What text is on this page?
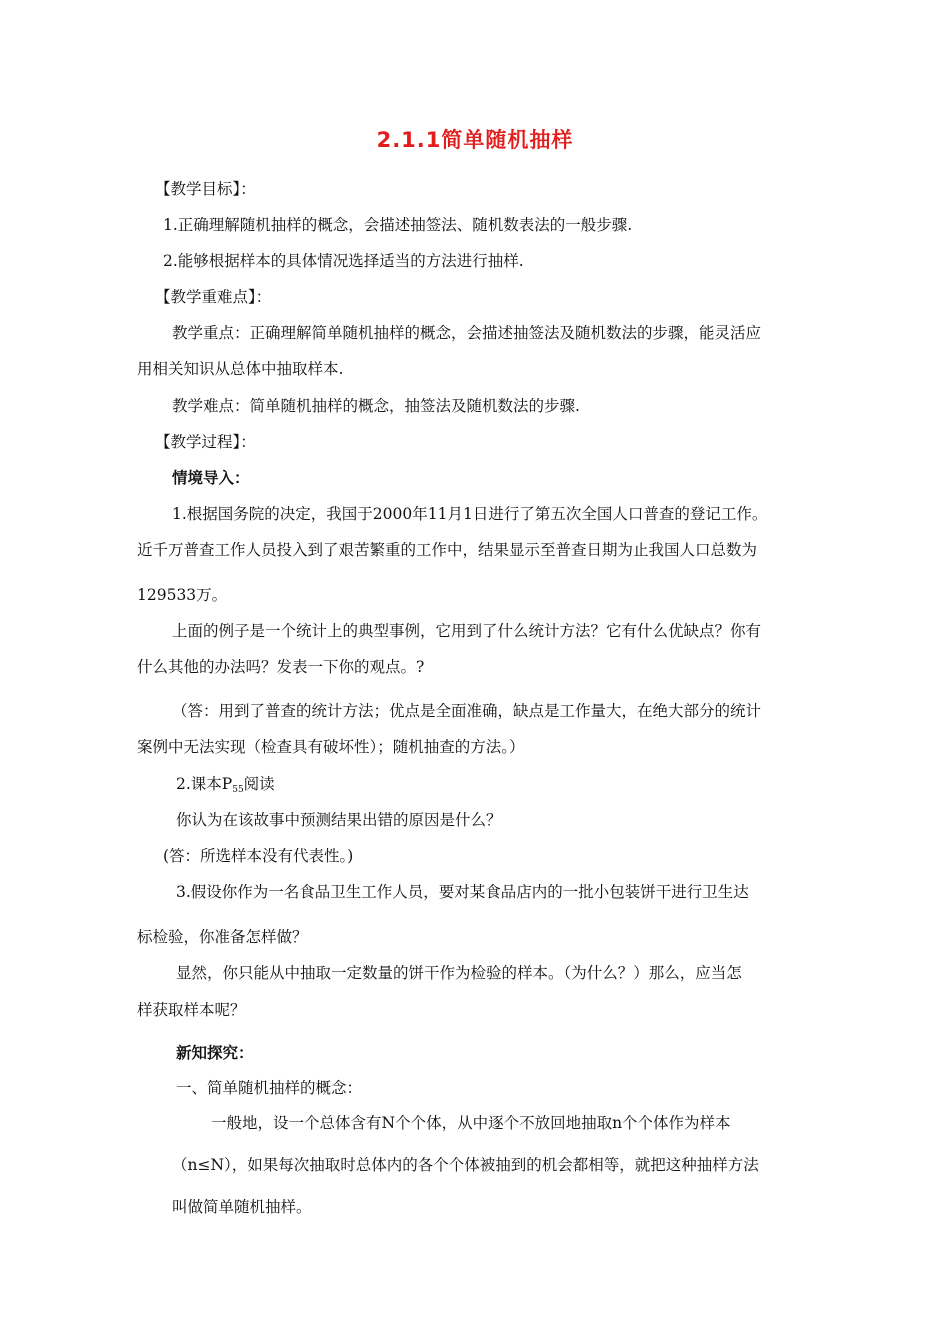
2.1.1简单随机抽样
【教学目标】：
1.正确理解随机抽样的概念，会描述抽签法、随机数表法的一般步骤.
2.能够根据样本的具体情况选择适当的方法进行抽样.
【教学重难点】：
教学重点：正确理解简单随机抽样的概念，会描述抽签法及随机数法的步骤，能灵活应
用相关知识从总体中抽取样本.
教学难点：简单随机抽样的概念，抽签法及随机数法的步骤.
【教学过程】：
情境导入：
1.根据国务院的决定，我国于2000年11月1日进行了第五次全国人口普查的登记工作。
近千万普查工作人员投入到了艰苦繁重的工作中，结果显示至普查日期为止我国人口总数为
129533万。
上面的例子是一个统计上的典型事例，它用到了什么统计方法？它有什么优缺点？你有
什么其他的办法吗？发表一下你的观点。?
（答：用到了普查的统计方法；优点是全面准确，缺点是工作量大，在绝大部分的统计
案例中无法实现（检查具有破坏性）；随机抽查的方法。）
2.课本$P_{55}$阅读
你认为在该故事中预测结果出错的原因是什么？
(答：所选样本没有代表性。)
3.假设你作为一名食品卫生工作人员，要对某食品店内的一批小包装饼干进行卫生达
标检验，你准备怎样做？
显然，你只能从中抽取一定数量的饼干作为检验的样本。（为什么？）那么，应当怎
样获取样本呢？
新知探究：
一、简单随机抽样的概念：
一般地，设一个总体含有N个个体，从中逐个不放回地抽取n个个体作为样本
（n≤N），如果每次抽取时总体内的各个个体被抽到的机会都相等，就把这种抽样方法
叫做简单随机抽样。
